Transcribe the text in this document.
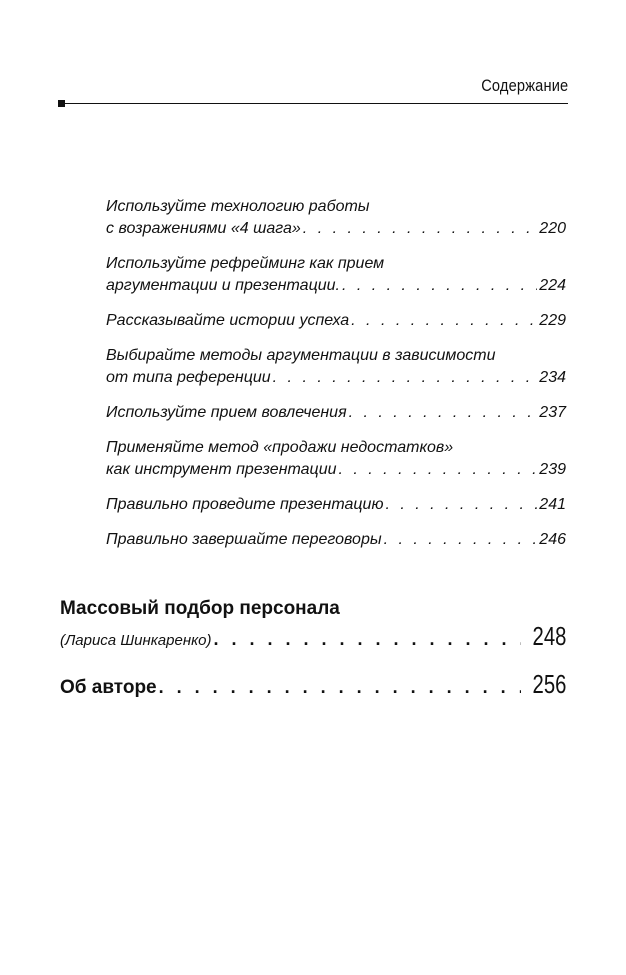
Содержание
Используйте технологию работы
с возражениями «4 шага» . . .	220
Используйте рефрейминг как прием
аргументации и презентации. . . .	224
Рассказывайте истории успеха . . .	229
Выбирайте методы аргументации в зависимости
от типа референции . . .	234
Используйте прием вовлечения . . .	237
Применяйте метод «продажи недостатков»
как инструмент презентации . . .	239
Правильно проведите презентацию . . .	241
Правильно завершайте переговоры . . .	246
Массовый подбор персонала
(Лариса Шинкаренко) . . .	248
Об авторе . . .	256
